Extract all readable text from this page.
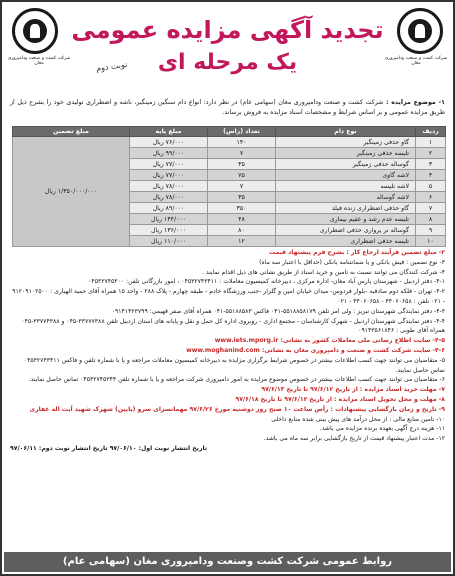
شرکت کشت و صنعت ودامپروری مغان
شرکت کشت و صنعت ودامپروری مغان
تجدید آگهی مزایده عمومی
یک مرحله ای
نوبت دوم
۱- موضوع مزایده : شرکت کشت و صنعت ودامپروری مغان (سهامی عام) در نظر دارد: انواع دام سنگین زمینگیر، ناشه و اضطراری تولیدی خود را بشرح ذیل از طریق مزایده عمومی و بر اساس شرایط و مشخصات اسناد مزایده به فروش برساند.
ردیف	نوع دام	تعداد (راس)	مبلغ پایه	مبلغ تضمین
۱	گاو حذفی زمینگیر	۱۴۰	۷۶/۰۰۰ ریال	۱/۳۵۰/۰۰۰/۰۰۰ ریال
۲	تلیسه حذفی زمینگیر	۷	۹۹/۰۰۰ ریال	
۳	گوساله حذفی زمینگیر	۳۵	۷۷/۰۰۰ ریال	
۴	لاشه گاوی	۷۵	۷۷/۰۰۰ ریال	
۵	لاشه تلیسه	۷	۷۸/۰۰۰ ریال	
۶	لاشه گوساله	۳۵	۷۸/۰۰۰ ریال	
۷	گاو حذفی اضطراری زنده فیلد	۳۵۰	۸۹/۰۰۰ ریال	
۸	تلیسه عدم رشد و عقیم بیماری	۴۸	۱۴۴/۰۰۰ ریال	
۹	گوساله نر پرواری حذفی اضطراری	۸۰	۱۳۶/۰۰۰ ریال	
۱۰	تلیسه حذفی اضطراری	۱۲	۱۱۰/۰۰۰ ریال	

۲- مبلغ تضمین فرآیند ارجاع کار : بشرح فرم پیشنهاد قیمت

۳- نوع تضمین : فیش بانکی و یا ضمانتنامه بانکی (حداقل با اعتبار سه ماه)

۴- شرکت کنندگان می توانند نسبت به تامین و خرید اسناد از طریق نشانی های ذیل اقدام نمایند .

۴-۱- دفتر اردبیل - شهرستان پارس آباد مغان- اداره مرکزی ، دبیرخانه کمیسیون معاملات : ۰۴۵۳۲۷۴۳۴۱۱ ، امور بازرگانی تلفن: ۰۴۵۳۲۷۴۵۳۰۰

۴-۲- تهران - فلکه دوم صادقیه -بلوار فردوس- میدان خیابان امین و گلزار -جنب ورزشگاه خادم - طبقه چهارم - پلاک ۲۸۸ - واحد ۱۵ همراه آقای حمید الهیاری : ۹۱۲۰۹۱۰۲۵۰۰ - ۰۲۱ تلفن : ۴۴۰۶۰۶۵۸ - ۴۴۰۶۰۶۵۸ - ۰۲۱

۴-۳- دفتر نمایندگی شهرستان تبریز : ولی امر تلفن ۵۵۱۸۸۵۸۱۷۹-۰۴۱ فاکس ۵۵۱۸۸۵۸۳-۰۴۱ همراه آقای صفر قهیمی: ۰۹۱۴۱۴۲۳۷۹۹

۴-۴- دفتر نمایندگی شهرستان اردبیل - شهرک کارشناسان - مجتمع اداری - روبروی اداره کل حمل و نقل و پایانه های استان اردبیل تلفن ۳۳۷۷۷۳۸۸-۰۴۵ و ۳۳۷۷۴۳۸۸-۰۴۵ همراه آقای طوبی : ۰۹۱۴۳۵۶۱۸۴۶

۴-۵- سایت اطلاع رسانی ملی معاملات کشور به نشانی: www.iets.mporg.ir

۴-۶- سایت شرکت کشت و صنعت و دامپروری مغان به نشانی: www.moghanind.com

۵- متقاضیان می توانند جهت کسب اطلاعات بیشتر در خصوص شرایط برگزاری مزایده به دبیرخانه کمیسیون معاملات مراجعه و یا با شماره تلفن و فاکس ۰۴۵۳۲۷۴۳۴۱۱ تماس حاصل نمایند.

۶- متقاضیان می توانند جهت کسب اطلاعات بیشتر در خصوص موضوع مزایده به امور دامپروری شرکت مراجعه و یا با شماره تلفن ۰۴۵۳۲۷۴۵۳۴۴ تماس حاصل نمایند.

۷- مهلت خرید اسناد مزایده : از تاریخ ۹۷/۶/۱۲ تا تاریخ ۹۷/۶/۱۳

۸- مهلت و محل تحویل اسناد مزایده : از تاریخ ۹۷/۶/۱۲ تا تاریخ ۹۷/۶/۱۸

۹- تاریخ و زمان بازگشایی پیشنهادات : رأس ساعت ۱۰ صبح روز دوشنبه مورخ ۹۷/۶/۲۶ مهمانسرای سرو (پایین) شهرک شهید آیت اله غفاری

۱۰- تامین منابع مالی : از محل درآمد های پیش بینی شده منابع داخلی

۱۱- هزینه درج آگهی بعهده برنده مزایده می باشد.

۱۲- مدت اعتبار پیشنهاد قیمت از تاریخ بازگشایی برابر سه ماه می باشد.

تاریخ انتشار نوبت اول: ۹۷/۰۶/۱۰ تاریخ انتشار نوبت دوم: ۹۷/۰۶/۱۱

روابط عمومی شرکت کشت وصنعت ودامپروری مغان (سهامی عام)
